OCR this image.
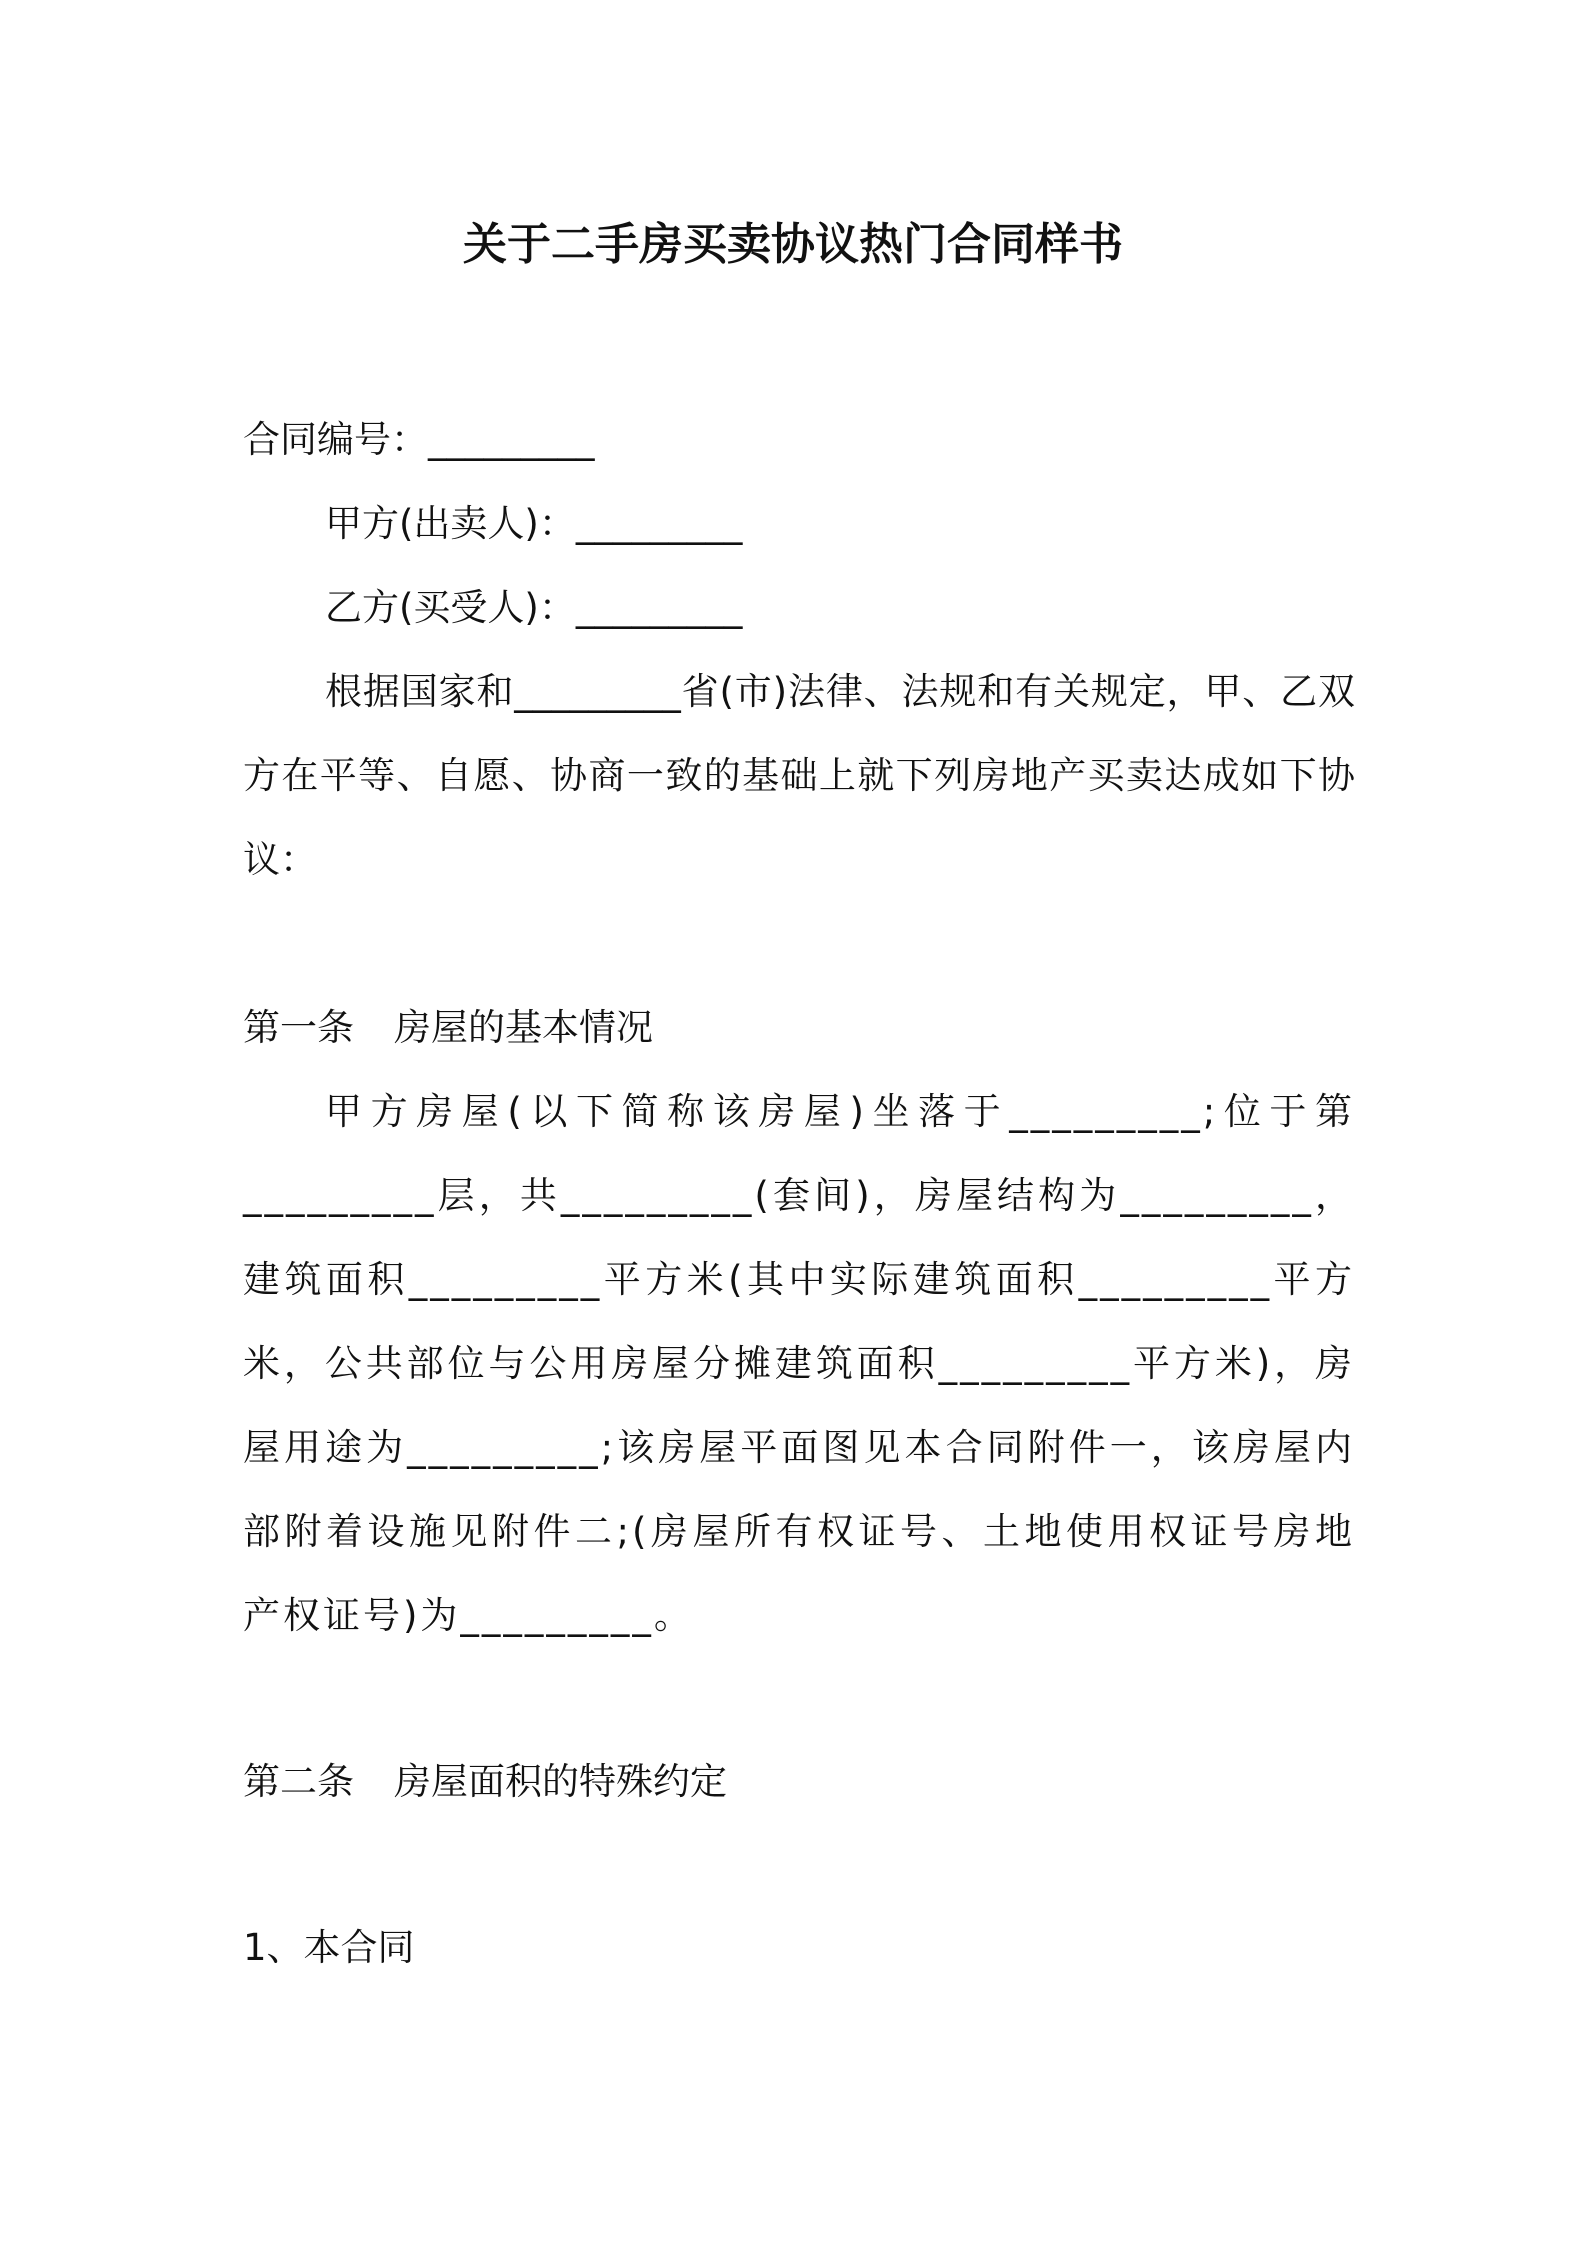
关于二手房买卖协议热门合同样书
合同编号：_________
甲方(出卖人)：_________
乙方(买受人)：_________

根据国家和_________省(市)法律、法规和有关规定，甲、乙双方在平等、自愿、协商一致的基础上就下列房地产买卖达成如下协议：

第一条 房屋的基本情况

甲方房屋(以下简称该房屋)坐落于_________;位于第_________层，共_________(套间)，房屋结构为_________，建筑面积_________平方米(其中实际建筑面积_________平方米，公共部位与公用房屋分摊建筑面积_________平方米)，房屋用途为_________;该房屋平面图见本合同附件一，该房屋内部附着设施见附件二;(房屋所有权证号、土地使用权证号房地产权证号)为_________。

第二条 房屋面积的特殊约定
1、本合同
